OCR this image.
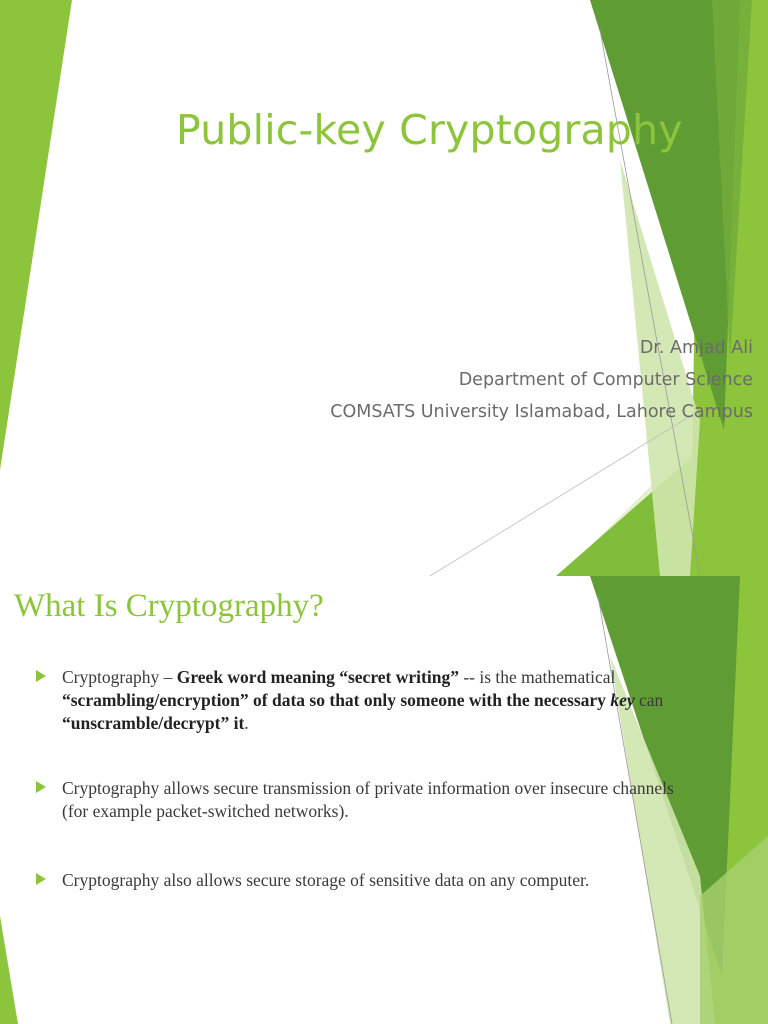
Public-key Cryptography
Dr. Amjad Ali
Department of Computer Science
COMSATS University Islamabad, Lahore Campus
What Is Cryptography?
Cryptography – Greek word meaning “secret writing” -- is the mathematical “scrambling/encryption” of data so that only someone with the necessary key can “unscramble/decrypt” it.
Cryptography allows secure transmission of private information over insecure channels (for example packet-switched networks).
Cryptography also allows secure storage of sensitive data on any computer.
